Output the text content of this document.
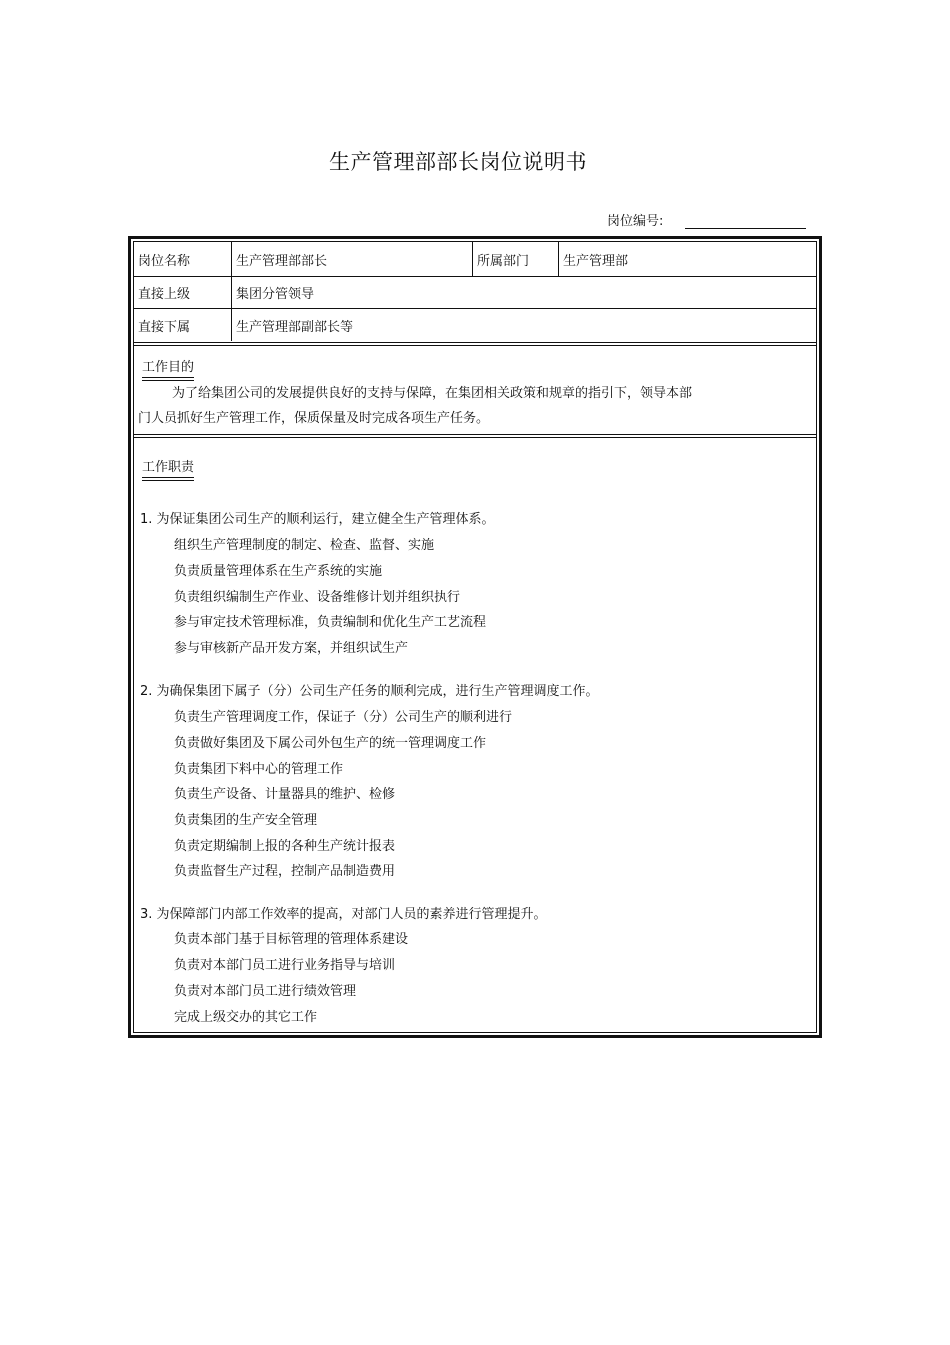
生产管理部部长岗位说明书
岗位编号:
岗位名称	生产管理部部长	所属部门	生产管理部
直接上级	集团分管领导
直接下属	生产管理部副部长等
工作目的
为了给集团公司的发展提供良好的支持与保障，在集团相关政策和规章的指引下，领导本部
门人员抓好生产管理工作，保质保量及时完成各项生产任务。
工作职责
1. 为保证集团公司生产的顺利运行，建立健全生产管理体系。
组织生产管理制度的制定、检查、监督、实施
负责质量管理体系在生产系统的实施
负责组织编制生产作业、设备维修计划并组织执行
参与审定技术管理标准，负责编制和优化生产工艺流程
参与审核新产品开发方案，并组织试生产
2. 为确保集团下属子（分）公司生产任务的顺利完成，进行生产管理调度工作。
负责生产管理调度工作，保证子（分）公司生产的顺利进行
负责做好集团及下属公司外包生产的统一管理调度工作
负责集团下料中心的管理工作
负责生产设备、计量器具的维护、检修
负责集团的生产安全管理
负责定期编制上报的各种生产统计报表
负责监督生产过程，控制产品制造费用
3. 为保障部门内部工作效率的提高，对部门人员的素养进行管理提升。
负责本部门基于目标管理的管理体系建设
负责对本部门员工进行业务指导与培训
负责对本部门员工进行绩效管理
完成上级交办的其它工作
